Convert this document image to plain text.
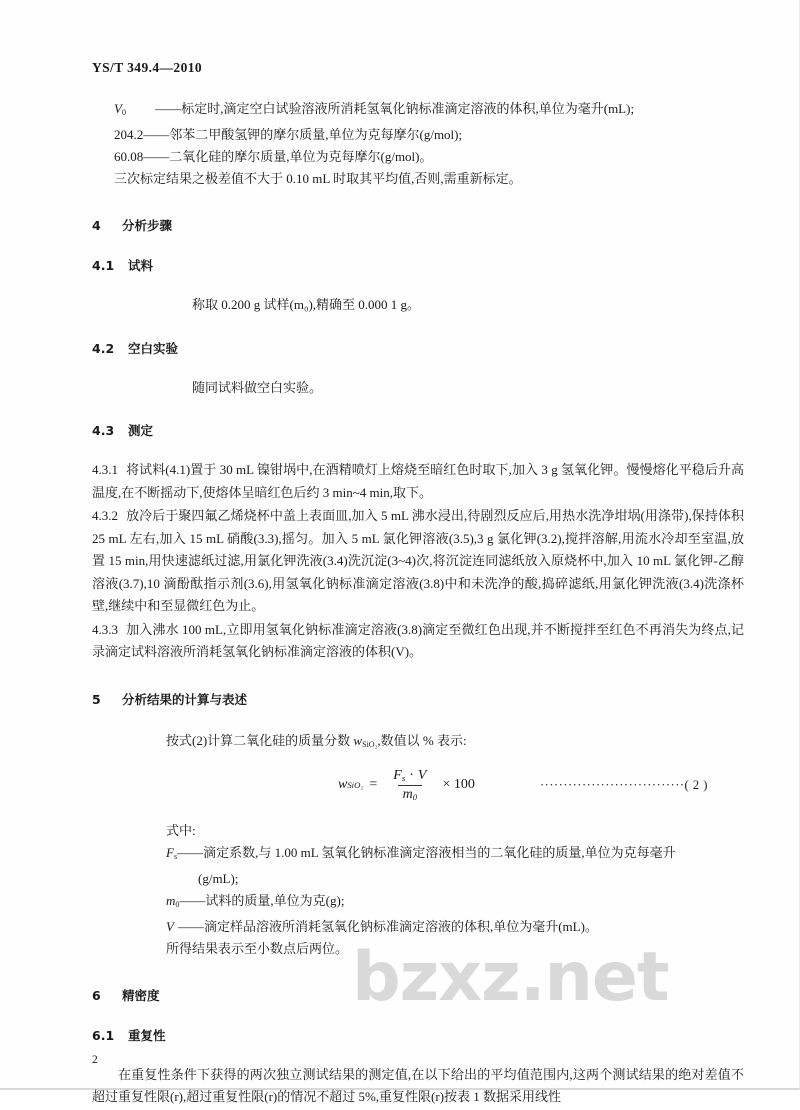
bzxz.net
YS/T 349.4—2010
$V_0$ ——标定时,滴定空白试验溶液所消耗氢氧化钠标准滴定溶液的体积,单位为毫升(mL);
204.2——邻苯二甲酸氢钾的摩尔质量,单位为克每摩尔(g/mol);
60.08——二氧化硅的摩尔质量,单位为克每摩尔(g/mol)。
三次标定结果之极差值不大于 0.10 mL 时取其平均值,否则,需重新标定。
4 分析步骤
4.1 试料

称取 0.200 g 试样(m₀),精确至 0.000 1 g。

4.2 空白实验

随同试料做空白实验。

4.3 测定

4.3.1 将试料(4.1)置于 30 mL 镍钳埚中,在酒精喷灯上熔烧至暗红色时取下,加入 3 g 氢氧化钾。慢慢熔化平稳后升高温度,在不断摇动下,使熔体呈暗红色后约 3 min~4 min,取下。

4.3.2 放冷后于聚四氟乙烯烧杯中盖上表面皿,加入 5 mL 沸水浸出,待剧烈反应后,用热水洗净坩埚(用涤带),保持体积 25 mL 左右,加入 15 mL 硝酸(3.3),摇匀。加入 5 mL 氯化钾溶液(3.5),3 g 氯化钾(3.2),搅拌溶解,用流水冷却至室温,放置 15 min,用快速滤纸过滤,用氯化钾洗液(3.4)洗沉淀(3~4)次,将沉淀连同滤纸放入原烧杯中,加入 10 mL 氯化钾-乙醇溶液(3.7),10 滴酚酞指示剂(3.6),用氢氧化钠标准滴定溶液(3.8)中和未洗净的酸,捣碎滤纸,用氯化钾洗液(3.4)洗涤杯壁,继续中和至显微红色为止。

4.3.3 加入沸水 100 mL,立即用氢氧化钠标准滴定溶液(3.8)滴定至微红色出现,并不断搅拌至红色不再消失为终点,记录滴定试料溶液所消耗氢氧化钠标准滴定溶液的体积(V)。

5 分析结果的计算与表述

按式(2)计算二氧化硅的质量分数 $w_{SiO_2}$,数值以 % 表示:

w $SiO_2 = \frac{F_s \cdot V}{m_0} \times 100$	·······························( 2 )

式中:

$F_s——$滴定系数,与 1.00 mL 氢氧化钠标准滴定溶液相当的二氧化硅的质量,单位为克每毫升

(g/mL);

$m_0——$试料的质量,单位为克(g);

V ——滴定样品溶液所消耗氢氧化钠标准滴定溶液的体积,单位为毫升(mL)。

所得结果表示至小数点后两位。

6 精密度
6.1 重复性

在重复性条件下获得的两次独立测试结果的测定值,在以下给出的平均值范围内,这两个测试结果的绝对差值不超过重复性限(r),超过重复性限(r)的情况不超过 5%,重复性限(r)按表 1 数据采用线性

2
